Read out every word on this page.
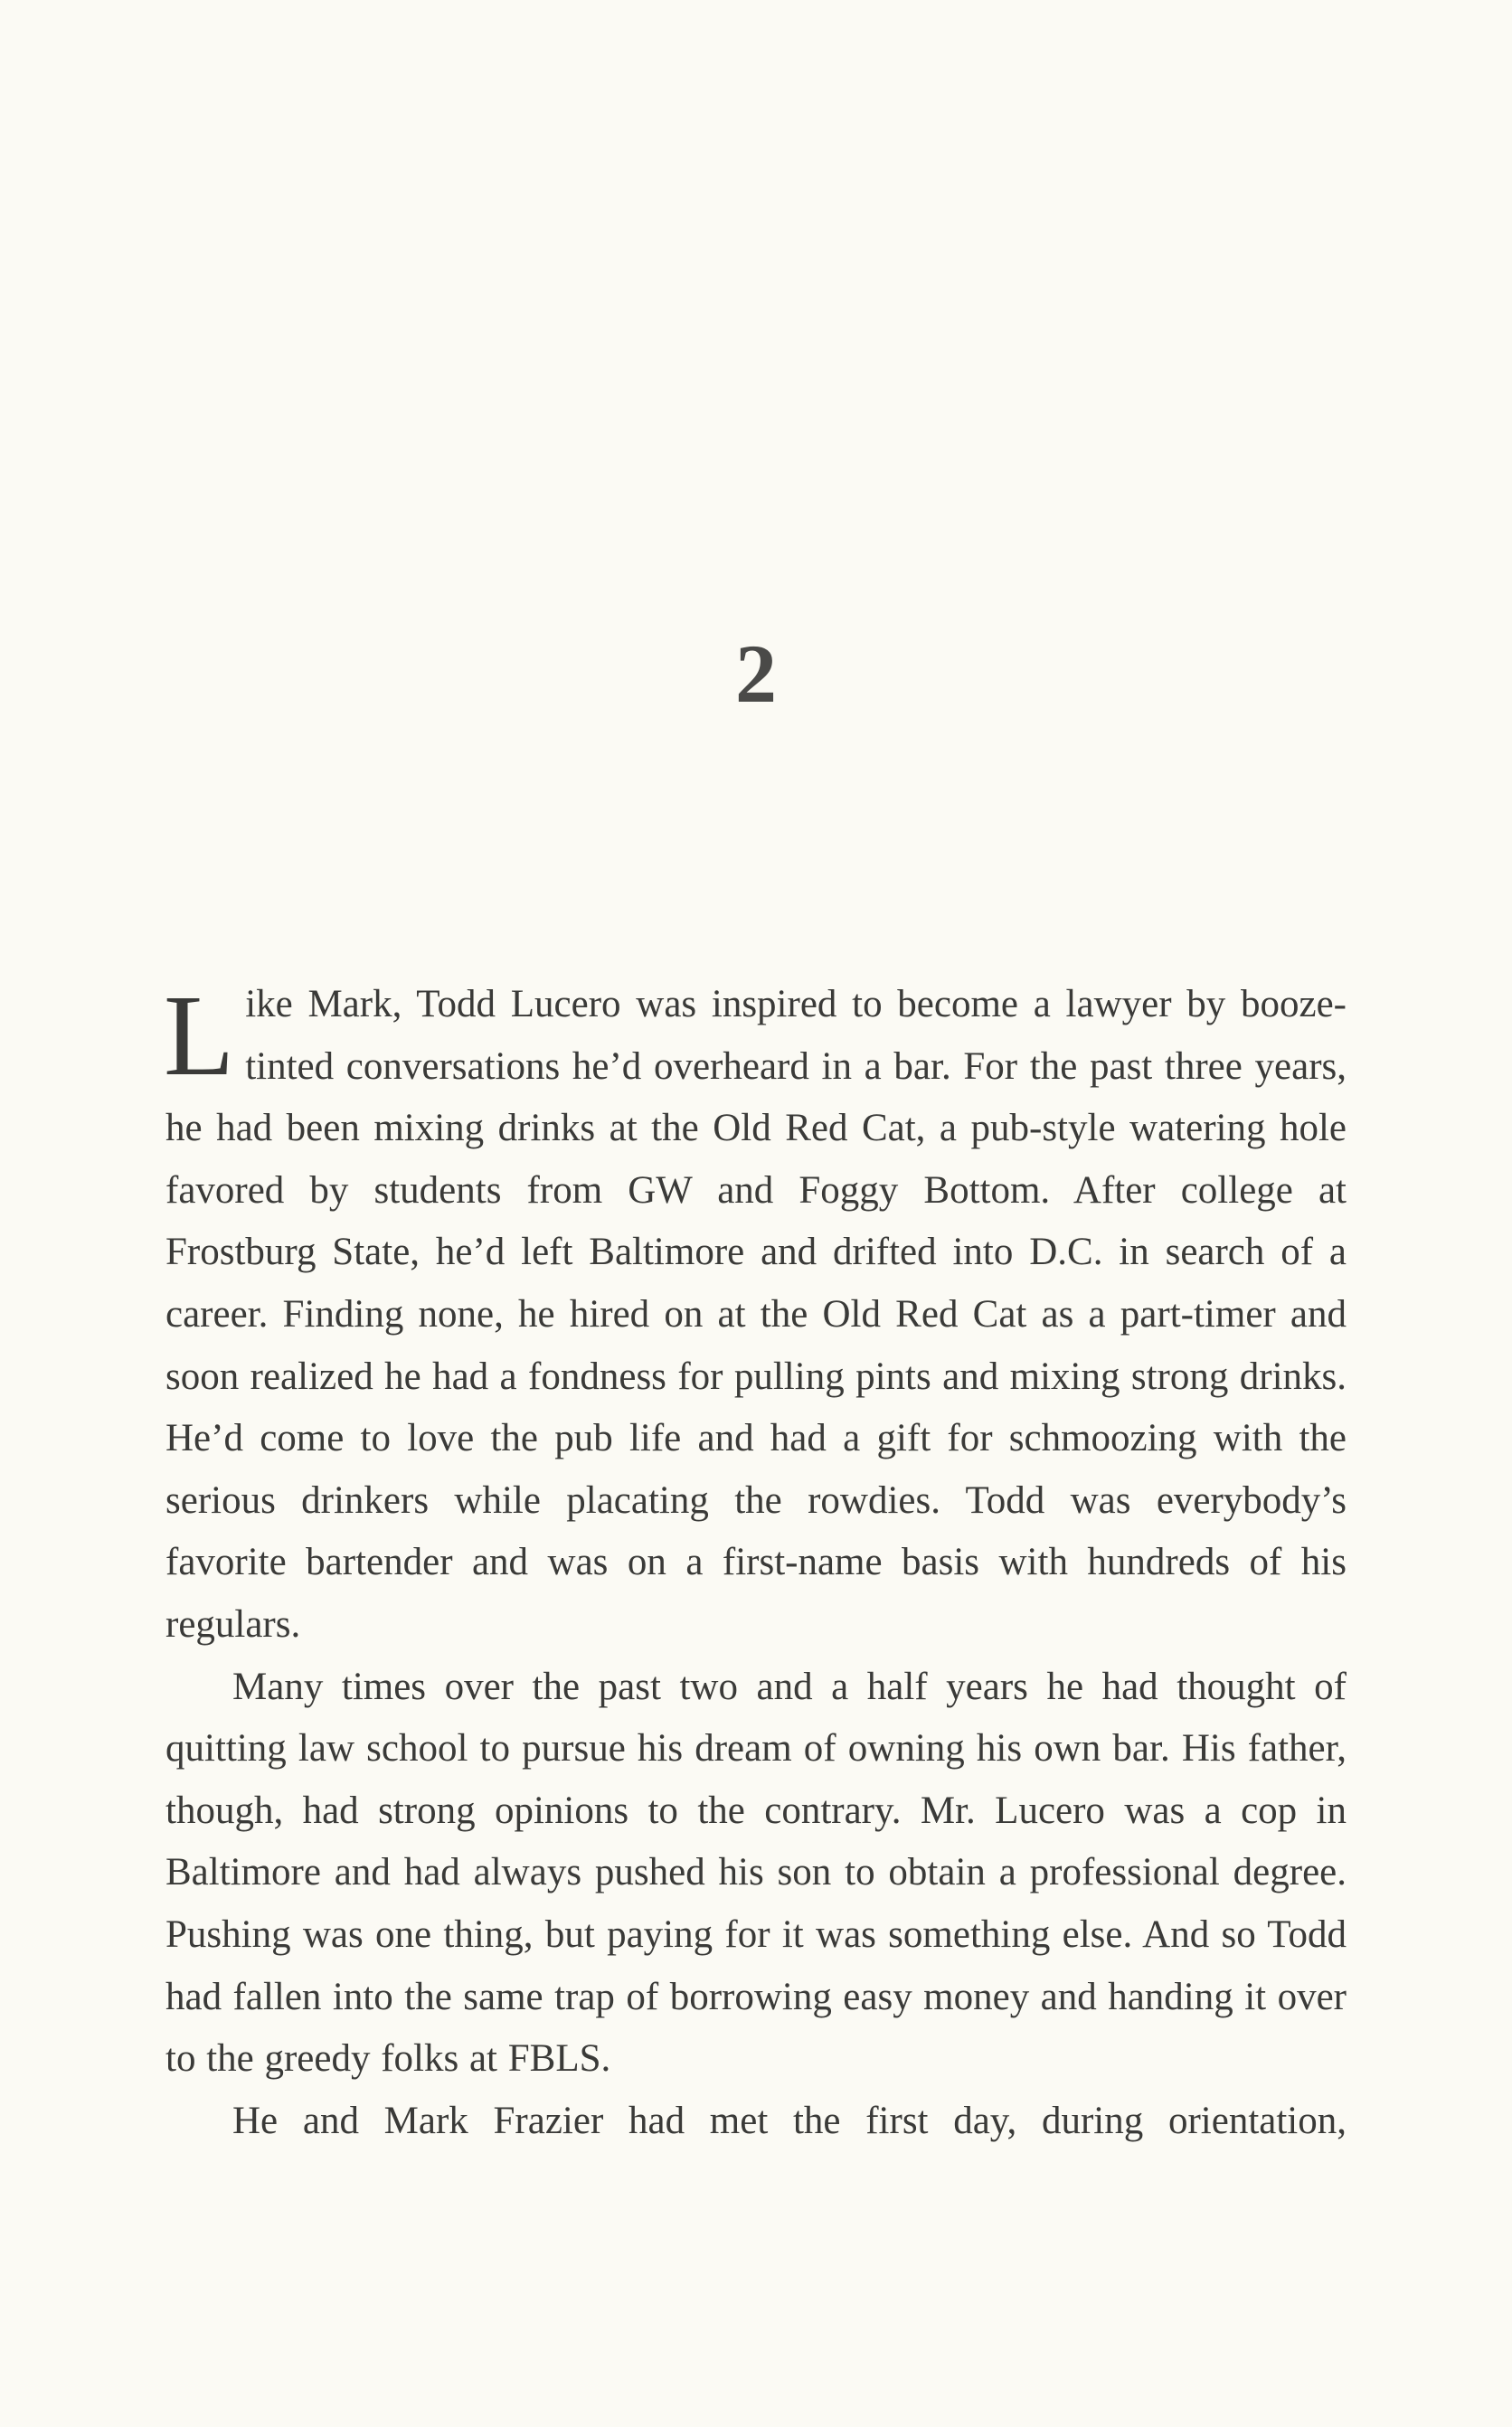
2

Like Mark, Todd Lucero was inspired to become a lawyer by booze-tinted conversations he’d overheard in a bar. For the past three years, he had been mixing drinks at the Old Red Cat, a pub-style watering hole favored by students from GW and Foggy Bottom. After college at Frostburg State, he’d left Baltimore and drifted into D.C. in search of a career. Finding none, he hired on at the Old Red Cat as a part-timer and soon realized he had a fondness for pulling pints and mixing strong drinks. He’d come to love the pub life and had a gift for schmoozing with the serious drinkers while placating the rowdies. Todd was everybody’s favorite bartender and was on a first-name basis with hundreds of his regulars.

Many times over the past two and a half years he had thought of quitting law school to pursue his dream of owning his own bar. His father, though, had strong opinions to the contrary. Mr. Lucero was a cop in Baltimore and had always pushed his son to obtain a professional degree. Pushing was one thing, but paying for it was something else. And so Todd had fallen into the same trap of borrowing easy money and handing it over to the greedy folks at FBLS.

He and Mark Frazier had met the first day, during orientation,
